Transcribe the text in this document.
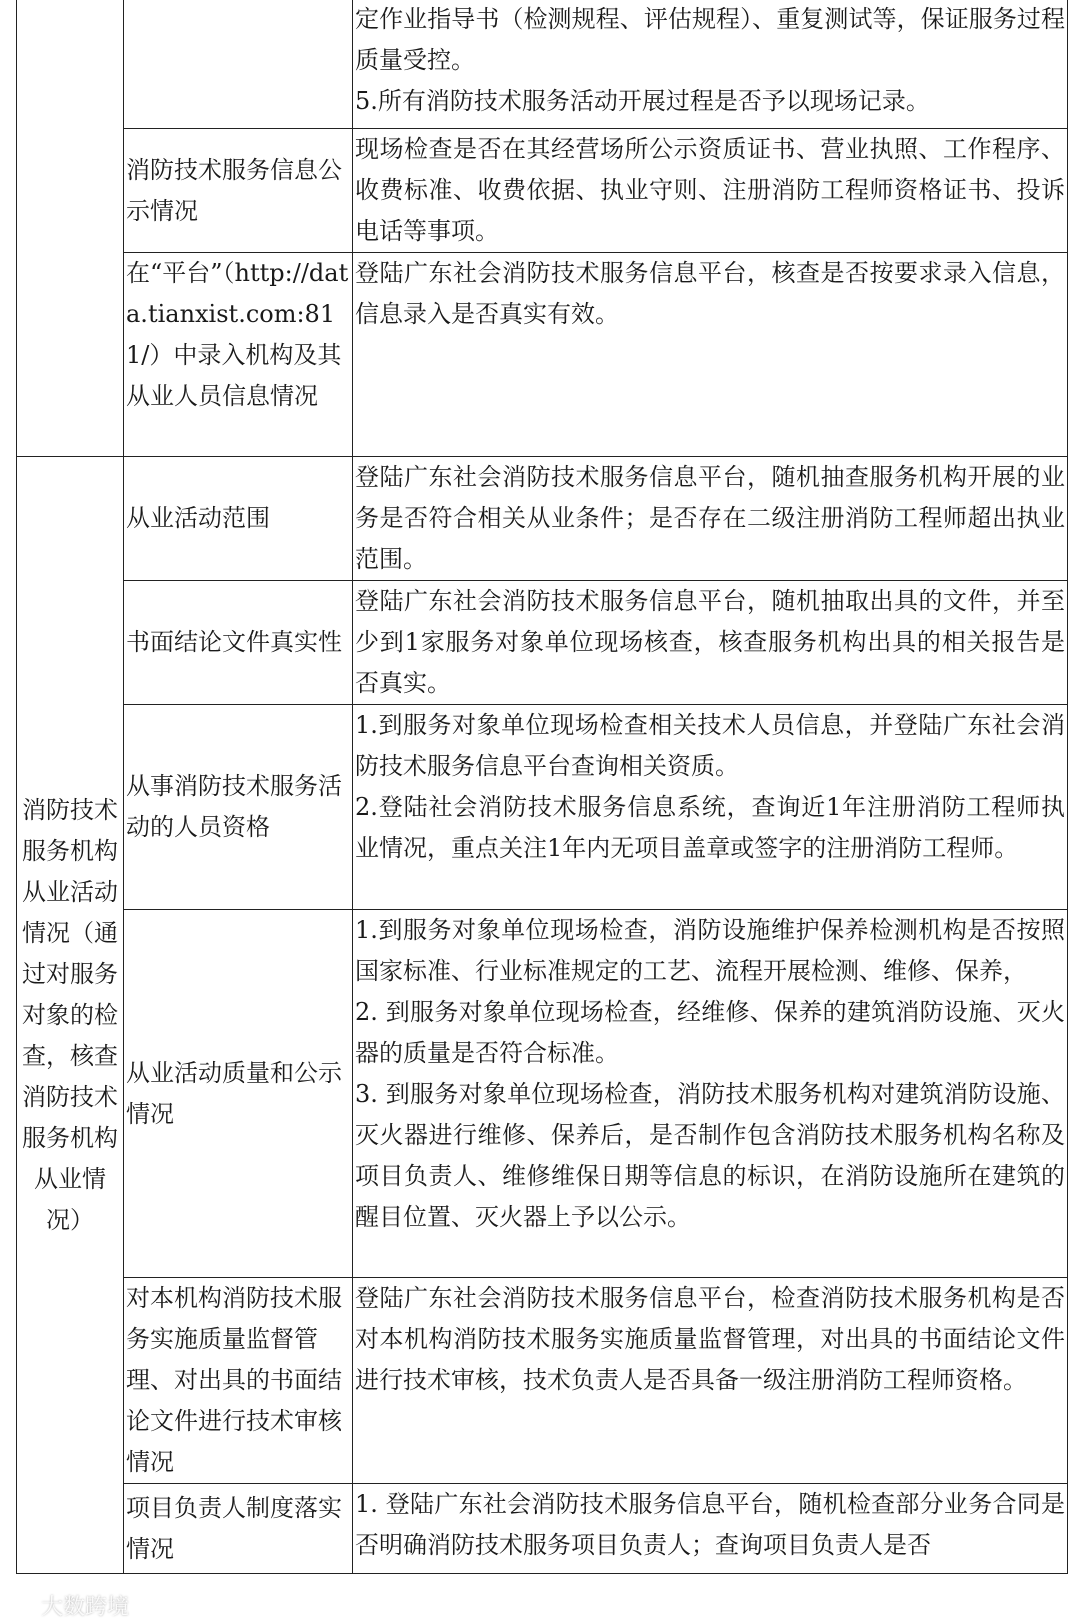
		定作业指导书（检测规程、评估规程）、重复测试等，保证服务过程质量受控。
5.所有消防技术服务活动开展过程是否予以现场记录。

	消防技术服务信息公示情况	现场检查是否在其经营场所公示资质证书、营业执照、工作程序、收费标准、收费依据、执业守则、注册消防工程师资格证书、投诉电话等事项。

	在“平台”（http://data.tianxist.com:811/）中录入机构及其从业人员信息情况	登陆广东社会消防技术服务信息平台，核查是否按要求录入信息，信息录入是否真实有效。

消防技术服务机构从业活动情况（通过对服务对象的检查，核查消防技术服务机构从业情况）	从业活动范围	登陆广东社会消防技术服务信息平台，随机抽查服务机构开展的业务是否符合相关从业条件；是否存在二级注册消防工程师超出执业范围。

	书面结论文件真实性	登陆广东社会消防技术服务信息平台，随机抽取出具的文件，并至少到1家服务对象单位现场核查，核查服务机构出具的相关报告是否真实。

	从事消防技术服务活动的人员资格	1.到服务对象单位现场检查相关技术人员信息，并登陆广东社会消防技术服务信息平台查询相关资质。
2.登陆社会消防技术服务信息系统，查询近1年注册消防工程师执业情况，重点关注1年内无项目盖章或签字的注册消防工程师。

	从业活动质量和公示情况	1.到服务对象单位现场检查，消防设施维护保养检测机构是否按照国家标准、行业标准规定的工艺、流程开展检测、维修、保养，
2. 到服务对象单位现场检查，经维修、保养的建筑消防设施、灭火器的质量是否符合标准。
3. 到服务对象单位现场检查，消防技术服务机构对建筑消防设施、灭火器进行维修、保养后，是否制作包含消防技术服务机构名称及项目负责人、维修维保日期等信息的标识，在消防设施所在建筑的醒目位置、灭火器上予以公示。

	对本机构消防技术服务实施质量监督管理、对出具的书面结论文件进行技术审核情况	登陆广东社会消防技术服务信息平台，检查消防技术服务机构是否对本机构消防技术服务实施质量监督管理，对出具的书面结论文件进行技术审核，技术负责人是否具备一级注册消防工程师资格。

	项目负责人制度落实情况	1. 登陆广东社会消防技术服务信息平台，随机检查部分业务合同是否明确消防技术服务项目负责人；查询项目负责人是否
大数跨境
